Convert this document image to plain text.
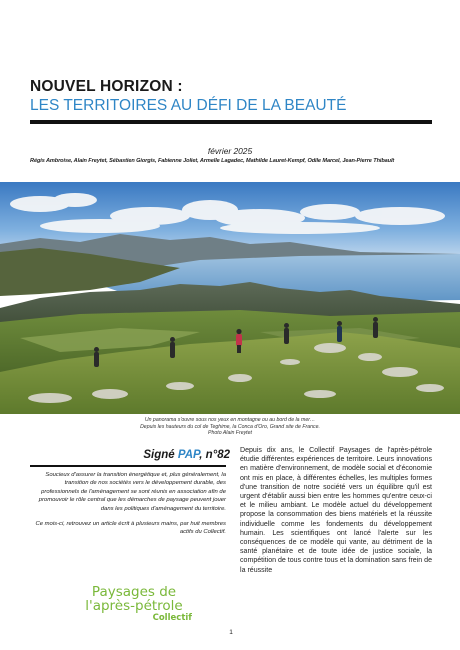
NOUVEL HORIZON :
LES TERRITOIRES AU DÉFI DE LA BEAUTÉ
février 2025
Régis Ambroise, Alain Freytet, Sébastien Giorgis, Fabienne Joliet, Armelle Lagadec, Mathilde Lauret-Kempf, Odile Marcel, Jean-Pierre Thibault
Un panorama s'ouvre sous nos yeux en montagne ou au bord de la mer…
Depuis les hauteurs du col de Teghime, la Conca d'Oro, Grand site de France.
Photo Alain Freytet
Signé PAP, n°82
Soucieux d'assurer la transition énergétique et, plus généralement, la transition de nos sociétés vers le développement durable, des professionnels de l'aménagement se sont réunis en association afin de promouvoir le rôle central que les démarches de paysage peuvent jouer dans les politiques d'aménagement du territoire.
Ce mois-ci, retrouvez un article écrit à plusieurs mains, par huit membres actifs du Collectif.
Paysages de
l'après-pétrole
Collectif

Depuis dix ans, le Collectif Paysages de l'après-pétrole étudie différentes expériences de territoire. Leurs innovations en matière d'environnement, de modèle social et d'économie ont mis en place, à différentes échelles, les multiples formes d'une transition de notre société vers un équilibre qu'il est urgent d'établir aussi bien entre les hommes qu'entre ceux-ci et le milieu ambiant. Le modèle actuel du développement propose la consommation des biens matériels et la réussite individuelle comme les fondements du développement humain. Les scientifiques ont lancé l'alerte sur les conséquences de ce modèle qui vante, au détriment de la santé planétaire et de toute idée de justice sociale, la compétition de tous contre tous et la domination sans frein de la réussite

1
